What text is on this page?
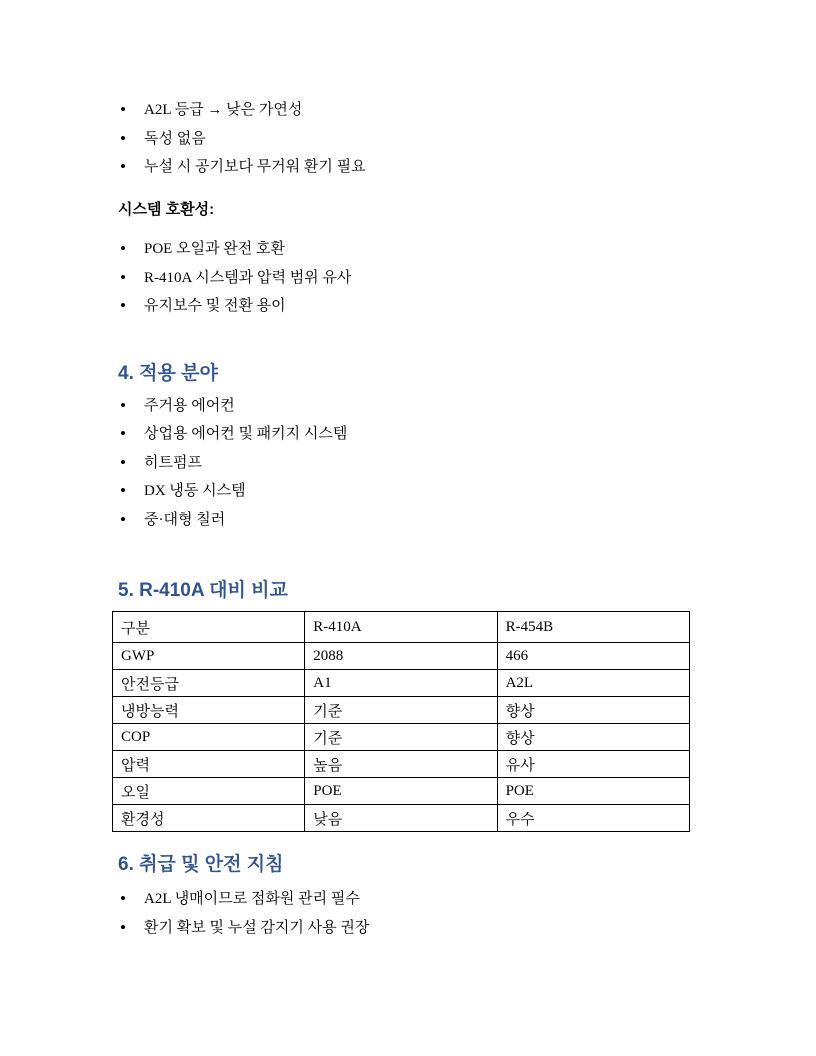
• A2L 등급 → 낮은 가연성
• 독성 없음
• 누설 시 공기보다 무거워 환기 필요

시스템 호환성:

• POE 오일과 완전 호환
• R-410A 시스템과 압력 범위 유사
• 유지보수 및 전환 용이
4. 적용 분야
• 주거용 에어컨
• 상업용 에어컨 및 패키지 시스템
• 히트펌프
• DX 냉동 시스템
• 중·대형 칠러
5. R-410A 대비 비교
구분	R-410A	R-454B
GWP	2088	466
안전등급	A1	A2L
냉방능력	기준	향상
COP	기준	향상
압력	높음	유사
오일	POE	POE
환경성	낮음	우수
6. 취급 및 안전 지침
• A2L 냉매이므로 점화원 관리 필수
• 환기 확보 및 누설 감지기 사용 권장
